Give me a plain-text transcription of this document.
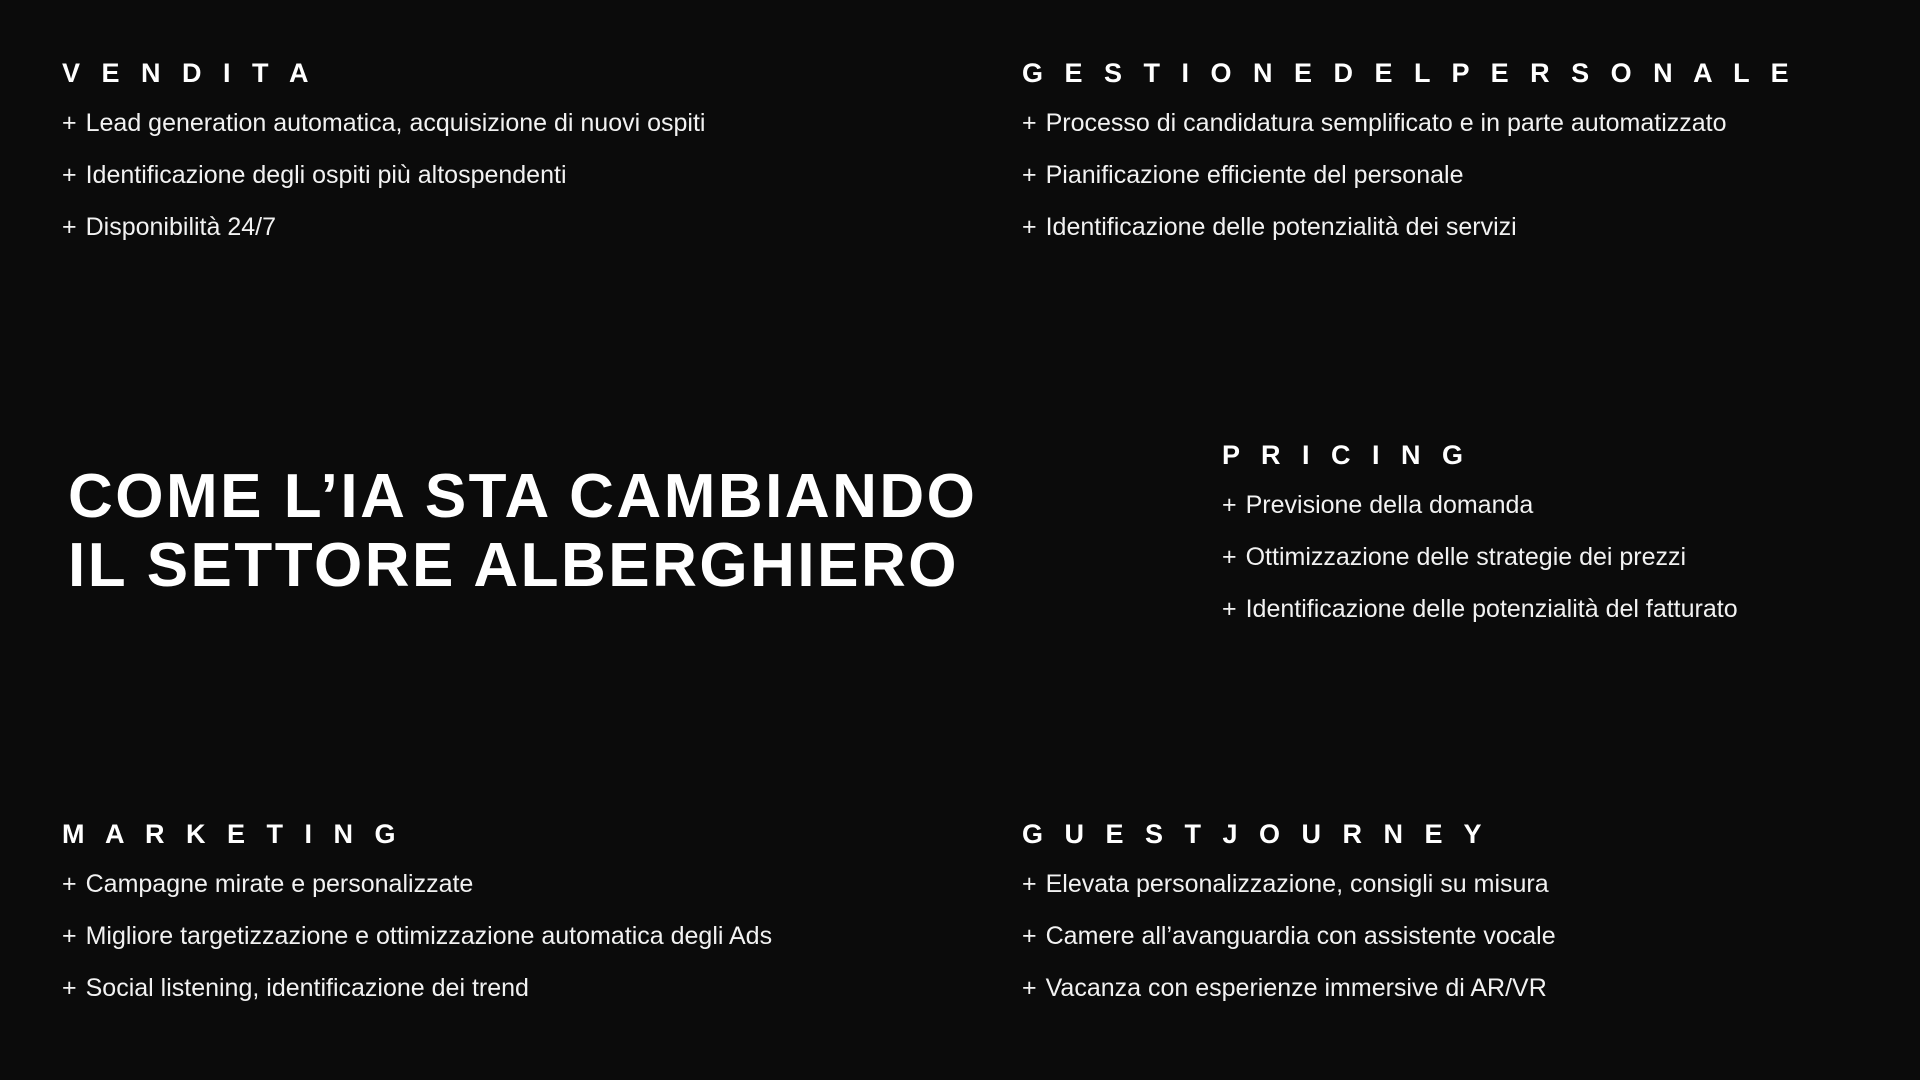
V E N D I T A

+ Lead generation automatica, acquisizione di nuovi ospiti

+ Identificazione degli ospiti più altospendenti

+ Disponibilità 24/7

G E S T I O N E D E L P E R S O N A L E

+ Processo di candidatura semplificato e in parte automatizzato

+ Pianificazione efficiente del personale

+ Identificazione delle potenzialità dei servizi

P R I C I N G

+ Previsione della domanda

+ Ottimizzazione delle strategie dei prezzi

+ Identificazione delle potenzialità del fatturato

M A R K E T I N G

+ Campagne mirate e personalizzate

+ Migliore targetizzazione e ottimizzazione automatica degli Ads

+ Social listening, identificazione dei trend

G U E S T J O U R N E Y

+ Elevata personalizzazione, consigli su misura

+ Camere all’avanguardia con assistente vocale

+ Vacanza con esperienze immersive di AR/VR

COME L’IA STA CAMBIANDO
IL SETTORE ALBERGHIERO
